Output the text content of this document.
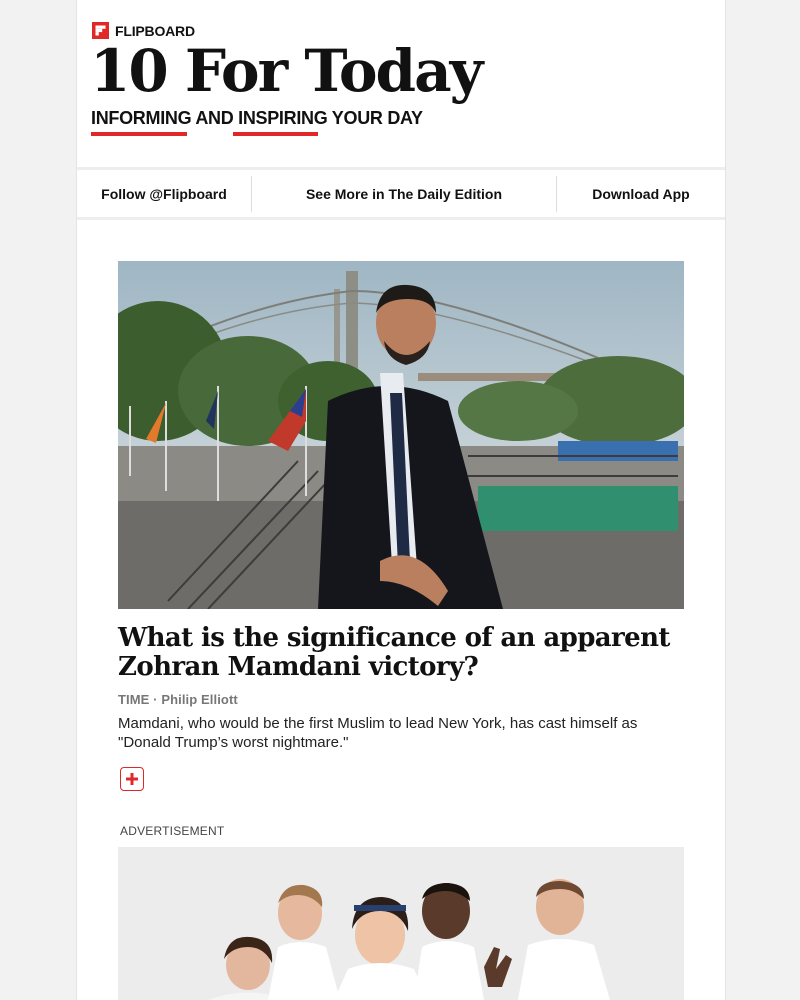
FLIPBOARD
10 For Today
INFORMING AND INSPIRING YOUR DAY
Follow @Flipboard	See More in The Daily Edition	Download App
What is the significance of an apparent Zohran Mamdani victory?
TIME · Philip Elliott
Mamdani, who would be the first Muslim to lead New York, has cast himself as "Donald Trump’s worst nightmare."
ADVERTISEMENT
